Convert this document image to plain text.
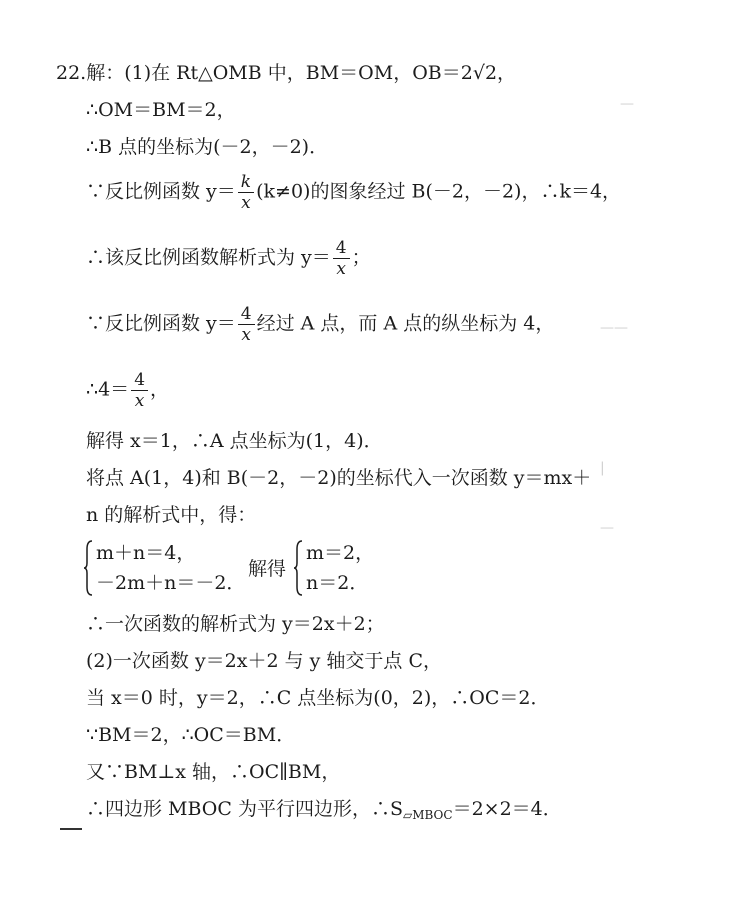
—
——
|
—
22.解：(1)在 Rt△OMB 中，BM＝OM，OB＝2√2，
∴OM＝BM＝2，
∴B 点的坐标为(－2，－2)．
∵反比例函数 $y= \frac{k}{x} (k\ne 0)$的图象经过 B(－2，－2)，∴k＝4，
∴该反比例函数解析式为 $y= \frac{4}{x}$ ；
∵反比例函数 $y= \frac{4}{x}$ 经过 A 点，而 A 点的纵坐标为 4，
∴4＝ $\frac{4}{x}$ ，
解得 x＝1，∴A 点坐标为(1，4)．
将点 A(1，4)和 B(－2，－2)的坐标代入一次函数 y＝mx＋
n 的解析式中，得：
m＋n＝4，
－2m＋n＝－2．
解得
m＝2，
n＝2．
∴一次函数的解析式为 y＝2x＋2；
(2)一次函数 y＝2x＋2 与 y 轴交于点 C，
当 x＝0 时，y＝2，∴C 点坐标为(0，2)，∴OC＝2．
∵BM＝2，∴OC＝BM．
又∵BM⊥x 轴，∴OC∥BM，
∴四边形 MBOC 为平行四边形，$\therefore S_{▱MBOC}=2\times 2=4$．
